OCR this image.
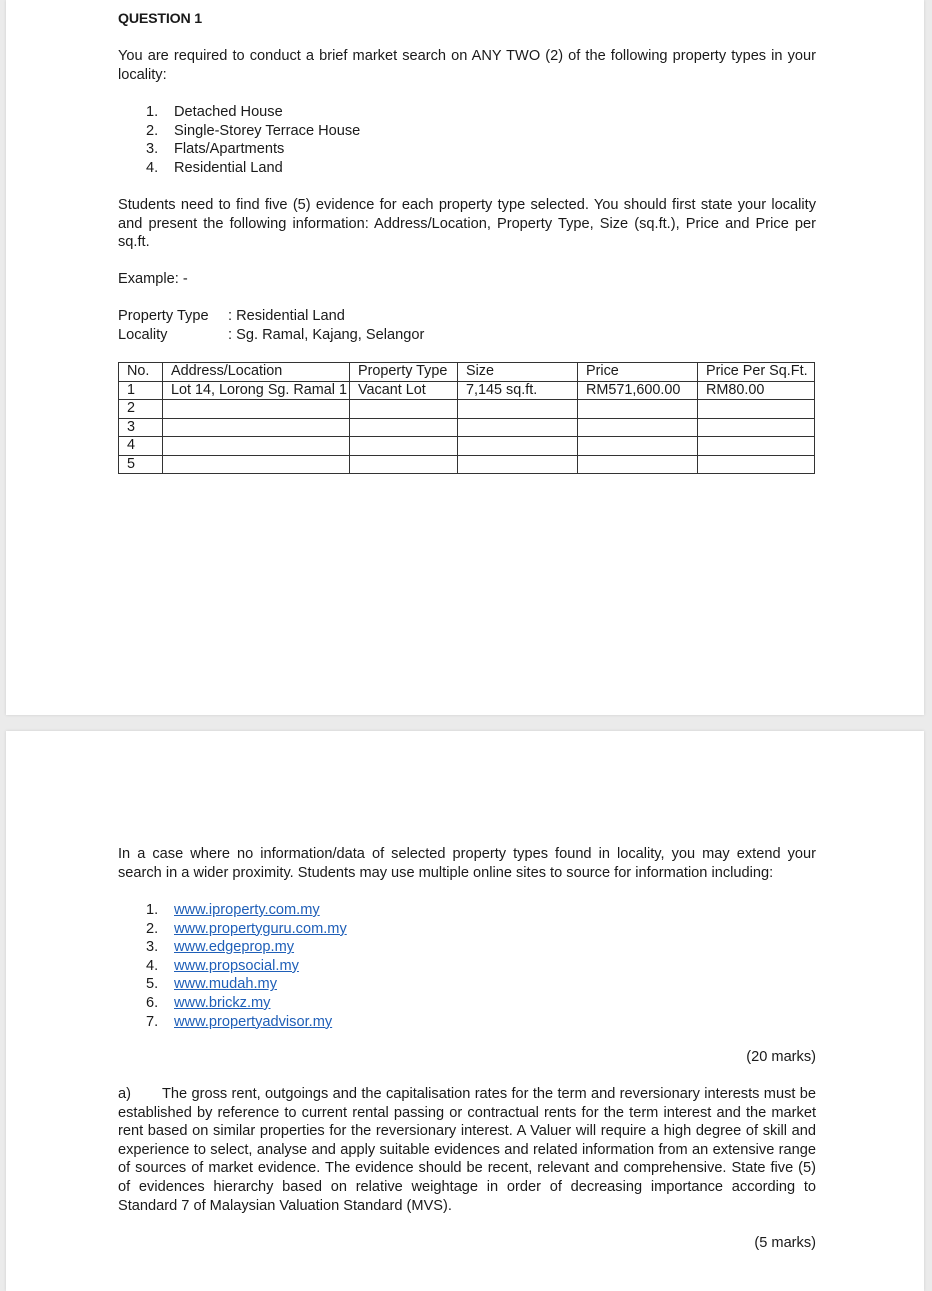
QUESTION 1

You are required to conduct a brief market search on ANY TWO (2) of the following property types in your locality:

1. Detached House
2. Single-Storey Terrace House
3. Flats/Apartments
4. Residential Land

Students need to find five (5) evidence for each property type selected. You should first state your locality and present the following information: Address/Location, Property Type, Size (sq.ft.), Price and Price per sq.ft.

Example: -
Property Type	: Residential Land
Locality	: Sg. Ramal, Kajang, Selangor
No.	Address/Location	Property Type	Size	Price	Price Per Sq.Ft.
1	Lot 14, Lorong Sg. Ramal 1	Vacant Lot	7,145 sq.ft.	RM571,600.00	RM80.00
2					
3					
4					
5					

In a case where no information/data of selected property types found in locality, you may extend your search in a wider proximity. Students may use multiple online sites to source for information including:

1. www.iproperty.com.my
2. www.propertyguru.com.my
3. www.edgeprop.my
4. www.propsocial.my
5. www.mudah.my
6. www.brickz.my
7. www.propertyadvisor.my
(20 marks)

a) The gross rent, outgoings and the capitalisation rates for the term and reversionary interests must be established by reference to current rental passing or contractual rents for the term interest and the market rent based on similar properties for the reversionary interest. A Valuer will require a high degree of skill and experience to select, analyse and apply suitable evidences and related information from an extensive range of sources of market evidence. The evidence should be recent, relevant and comprehensive. State five (5) of evidences hierarchy based on relative weightage in order of decreasing importance according to Standard 7 of Malaysian Valuation Standard (MVS).

(5 marks)
